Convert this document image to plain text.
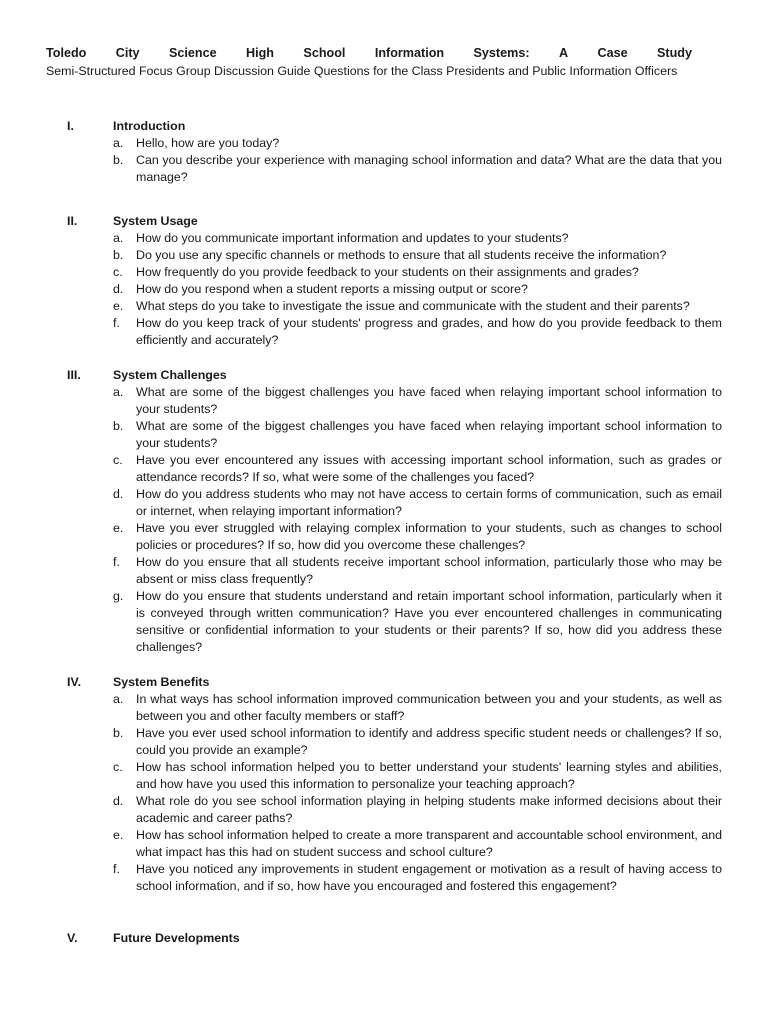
Toledo City Science High School Information Systems: A Case Study
Semi-Structured Focus Group Discussion Guide Questions for the Class Presidents and Public Information Officers
I.	Introduction
a. Hello, how are you today?
b. Can you describe your experience with managing school information and data? What are the data that you manage?
II.	System Usage
a. How do you communicate important information and updates to your students?
b. Do you use any specific channels or methods to ensure that all students receive the information?
c. How frequently do you provide feedback to your students on their assignments and grades?
d. How do you respond when a student reports a missing output or score?
e. What steps do you take to investigate the issue and communicate with the student and their parents?
f. How do you keep track of your students' progress and grades, and how do you provide feedback to them efficiently and accurately?
III.	System Challenges
a. What are some of the biggest challenges you have faced when relaying important school information to your students?
b. What are some of the biggest challenges you have faced when relaying important school information to your students?
c. Have you ever encountered any issues with accessing important school information, such as grades or attendance records? If so, what were some of the challenges you faced?
d. How do you address students who may not have access to certain forms of communication, such as email or internet, when relaying important information?
e. Have you ever struggled with relaying complex information to your students, such as changes to school policies or procedures? If so, how did you overcome these challenges?
f. How do you ensure that all students receive important school information, particularly those who may be absent or miss class frequently?
g. How do you ensure that students understand and retain important school information, particularly when it is conveyed through written communication? Have you ever encountered challenges in communicating sensitive or confidential information to your students or their parents? If so, how did you address these challenges?
IV.	System Benefits
a. In what ways has school information improved communication between you and your students, as well as between you and other faculty members or staff?
b. Have you ever used school information to identify and address specific student needs or challenges? If so, could you provide an example?
c. How has school information helped you to better understand your students' learning styles and abilities, and how have you used this information to personalize your teaching approach?
d. What role do you see school information playing in helping students make informed decisions about their academic and career paths?
e. How has school information helped to create a more transparent and accountable school environment, and what impact has this had on student success and school culture?
f. Have you noticed any improvements in student engagement or motivation as a result of having access to school information, and if so, how have you encouraged and fostered this engagement?
V.	Future Developments
